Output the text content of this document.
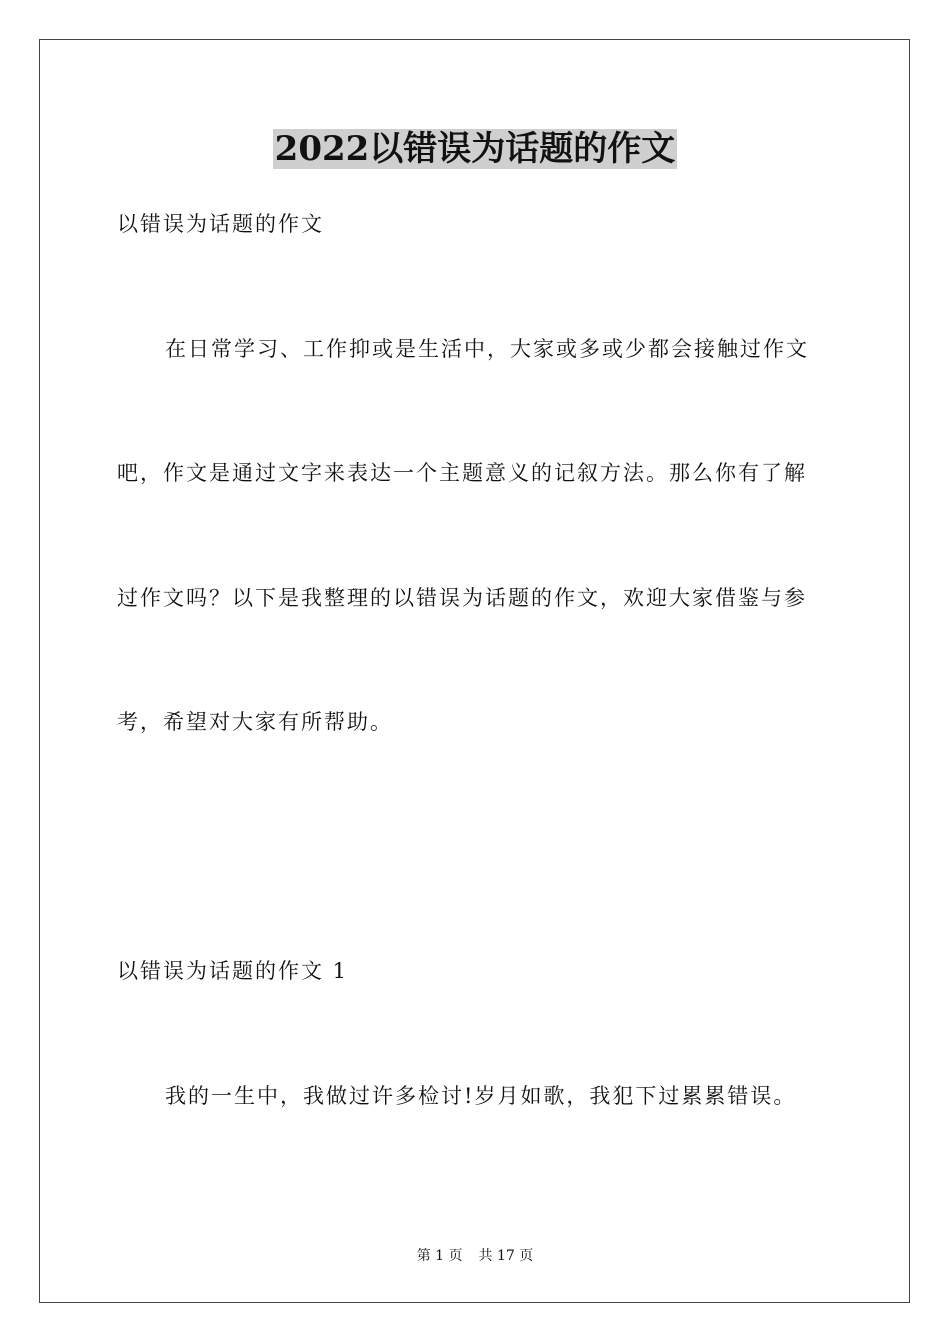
2022以错误为话题的作文
以错误为话题的作文
在日常学习、工作抑或是生活中，大家或多或少都会接触过作文
吧，作文是通过文字来表达一个主题意义的记叙方法。那么你有了解
过作文吗？以下是我整理的以错误为话题的作文，欢迎大家借鉴与参
考，希望对大家有所帮助。
以错误为话题的作文 1
我的一生中，我做过许多检讨!岁月如歌，我犯下过累累错误。
第 1 页 共 17 页
